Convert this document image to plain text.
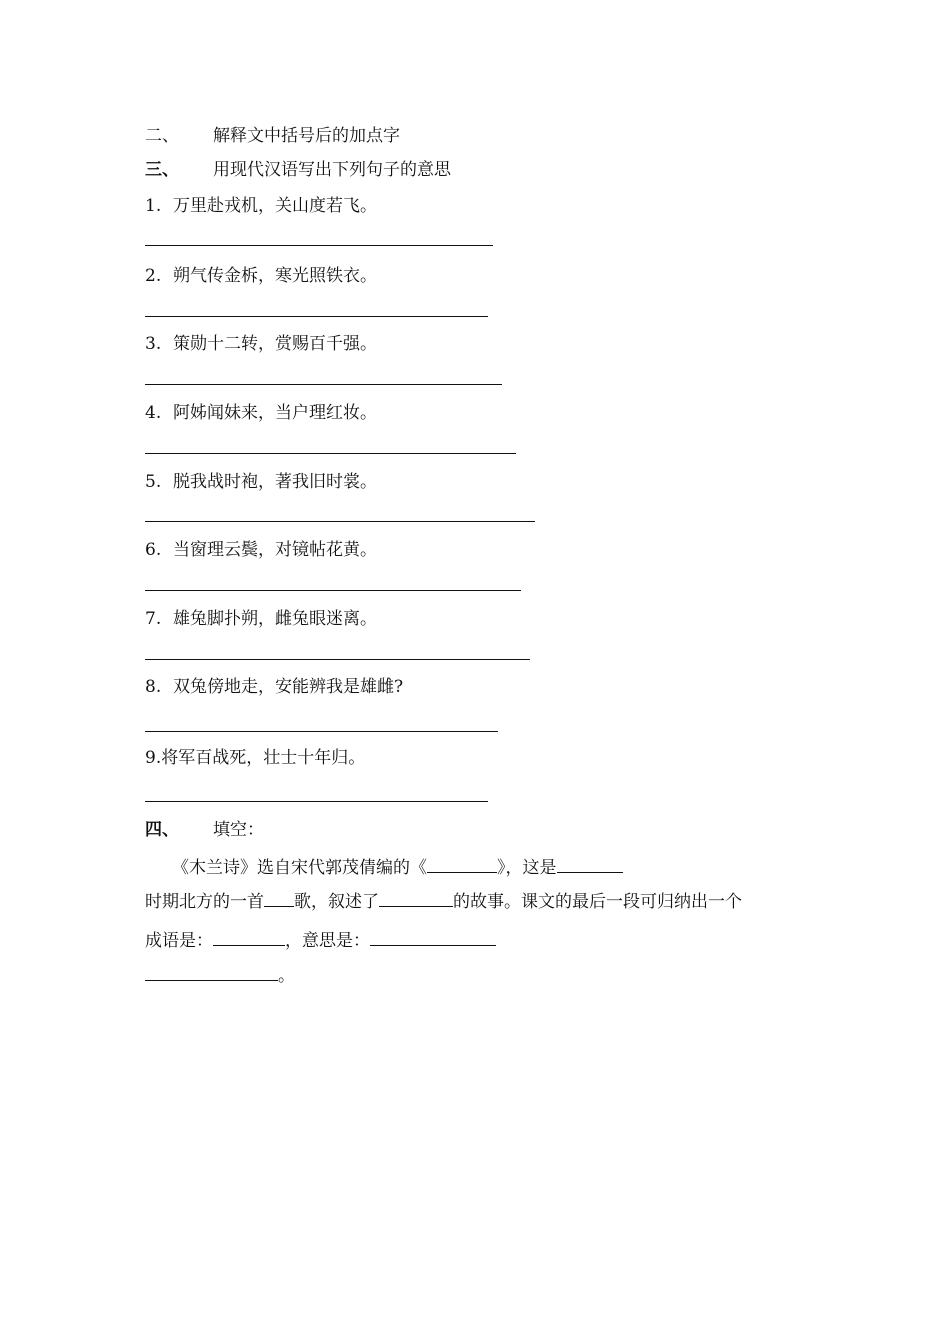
二、 解释文中括号后的加点字
三、 用现代汉语写出下列句子的意思
1. 万里赴戎机，关山度若飞。
2. 朔气传金柝，寒光照铁衣。
3. 策勋十二转，赏赐百千强。
4. 阿姊闻妹来，当户理红妆。
5. 脱我战时袍，著我旧时裳。
6. 当窗理云鬓，对镜帖花黄。
7. 雄兔脚扑朔，雌兔眼迷离。
8. 双兔傍地走，安能辨我是雄雌?
9.将军百战死，壮士十年归。
四、 填空：
《木兰诗》选自宋代郭茂倩编的《	》，这是
时期北方的一首 歌，叙述了	的故事。课文的最后一段可归纳出一个
成语是：	，意思是：
。
